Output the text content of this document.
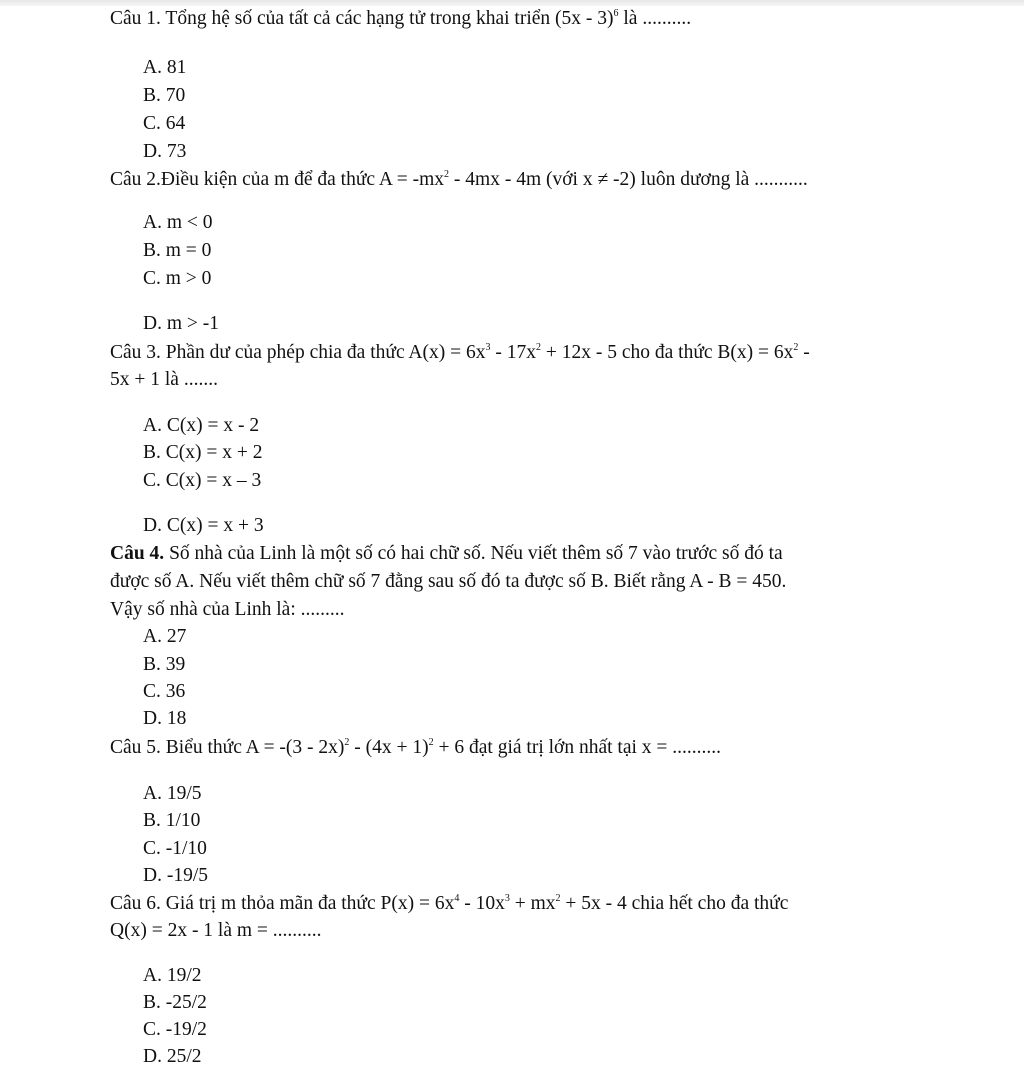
Câu 1. Tổng hệ số của tất cả các hạng tử trong khai triển (5x - 3)$^6$ là ..........
A. 81
B. 70
C. 64
D. 73
Câu 2.Điều kiện của m để đa thức $A = -mx^2 - 4mx - 4m$ (với x ≠ -2) luôn dương là ...........
A. m < 0
B. m = 0
C. m > 0
D. m > -1
Câu 3. Phần dư của phép chia đa thức $A(x) = 6x^3 - 17x^2 + 12x - 5$ cho đa thức $B(x) = 6x^2$ -
5x + 1 là .......
A. C(x) = x - 2
B. C(x) = x + 2
C. C(x) = x – 3
D. C(x) = x + 3
Câu 4. Số nhà của Linh là một số có hai chữ số. Nếu viết thêm số 7 vào trước số đó ta
được số A. Nếu viết thêm chữ số 7 đằng sau số đó ta được số B. Biết rằng A - B = 450.
Vậy số nhà của Linh là: .........
A. 27
B. 39
C. 36
D. 18
Câu 5. Biểu thức $A = -(3 - 2x)^2 - (4x + 1)^2 + 6$ đạt giá trị lớn nhất tại x = ..........
A. 19/5
B. 1/10
C. -1/10
D. -19/5
Câu 6. Giá trị m thỏa mãn đa thức $P(x) = 6x^4 - 10x^3 + mx^2 + 5x - 4$ chia hết cho đa thức
Q(x) = 2x - 1 là m = ..........
A. 19/2
B. -25/2
C. -19/2
D. 25/2
